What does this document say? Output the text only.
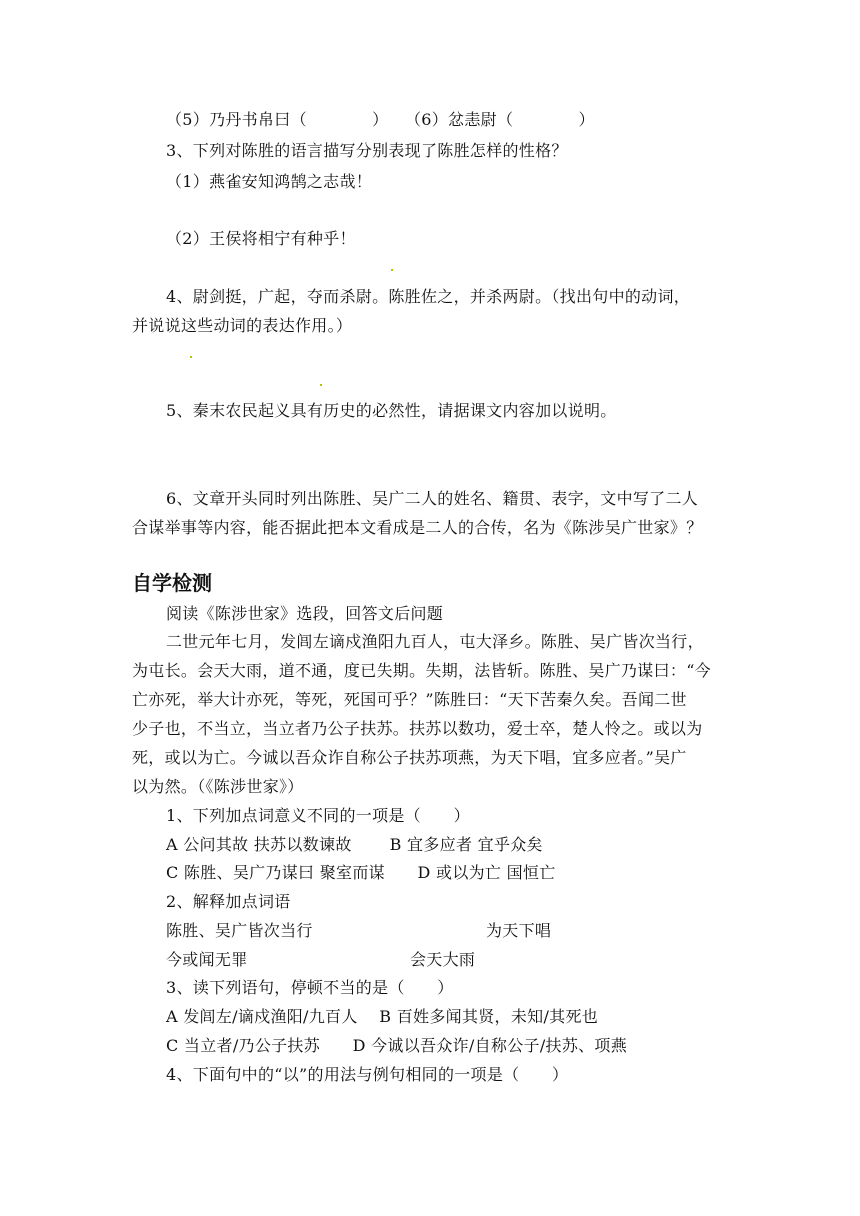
（5）乃丹书帛曰（　　　　）　　（6）忿恚尉（　　　　）
3、下列对陈胜的语言描写分别表现了陈胜怎样的性格？
（1）燕雀安知鸿鹄之志哉！
（2）王侯将相宁有种乎！
4、尉剑挺，广起，夺而杀尉。陈胜佐之，并杀两尉。（找出句中的动词，
并说说这些动词的表达作用。）
5、秦末农民起义具有历史的必然性，请据课文内容加以说明。
6、文章开头同时列出陈胜、吴广二人的姓名、籍贯、表字，文中写了二人
合谋举事等内容，能否据此把本文看成是二人的合传，名为《陈涉吴广世家》？
自学检测
阅读《陈涉世家》选段，回答文后问题
二世元年七月，发闾左谪戍渔阳九百人，屯大泽乡。陈胜、吴广皆次当行，
为屯长。会天大雨，道不通，度已失期。失期，法皆斩。陈胜、吴广乃谋曰：“今
亡亦死，举大计亦死，等死，死国可乎？”陈胜曰：“天下苦秦久矣。吾闻二世
少子也，不当立，当立者乃公子扶苏。扶苏以数功，爱士卒，楚人怜之。或以为
死，或以为亡。今诚以吾众诈自称公子扶苏项燕，为天下唱，宜多应者。”吴广
以为然。（《陈涉世家》）
1、下列加点词意义不同的一项是（　　）
A 公问其故 扶苏以数谏故　　 B 宜多应者 宜乎众矣
C 陈胜、吴广乃谋曰 聚室而谋　　D 或以为亡 国恒亡
2、解释加点词语
陈胜、吴广皆次当行	为天下唱
今或闻无罪	会天大雨
3、读下列语句，停顿不当的是（　　）
A 发闾左/谪戍渔阳/九百人　 B 百姓多闻其贤，未知/其死也
C 当立者/乃公子扶苏　　D 今诚以吾众诈/自称公子/扶苏、项燕
4、下面句中的“以”的用法与例句相同的一项是（　　）
